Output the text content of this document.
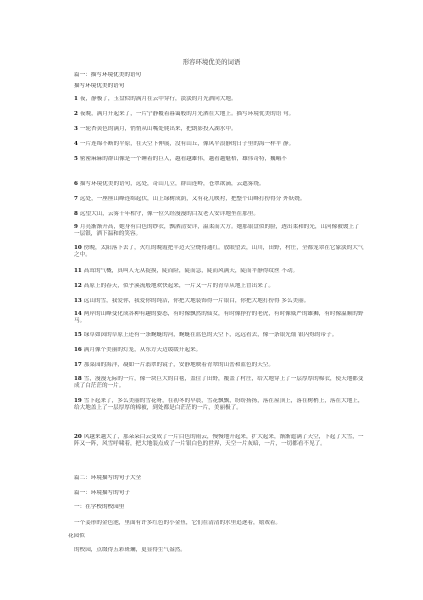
形容环境优美的词语
篇一：描写环境优美的语句
描写环境优美的语句
1 夜，静极了，玉盘似的满月在云中穿行，淡淡的月光洒向大地。
2 夜晚，满月升起来了，一片宁静覆着暮霭般的月光洒在大地上。描写环境优美的语 句。
3 一轮杏黄色的满月，悄悄从山嘴处爬出来，把朗影投入湖水中。
4 一片连绵不断的平原，在天空下伸展，没有山丘，像风平浪静的日子里的海一样平 静。
5 密密麻麻的群山像是一个睡着的巨人，越看越雄伟，越看越魁梧，雄伟奇特，巍峨不
6 描写环境优美的语句，远处，奇山兀立，群山连岭，苍翠欲滴，云遮雾绕。
7 远处，一座座山峰连绵起伏，山上绿树成荫，又有花儿映衬，把整个山峰打扮得分 外妖娆。
8 远望大山，云雾千年相守，像一位久经漫漫的白发老人安详地坐在那里。
9 月亮渐渐升高，她身有白色的纱衣，飘洒清安详，温柔而大方。她那银盘似的脸，透出柔和的光，山河像被镀上了一层银，洒下温和的笑容。
10 傍晚，太阳落下去了，火红的晚霞把半边天空烧得通红。放眼望去，山川，田野，村庄，全都笼罩在它象淡的大气之中。
11 高耸的气概，真叫人无从捉摸，陡而险，陡而急，陡而风满天，陡而平静得纹丝 不动。
12 高原上的春天，似乎溪流般地欢快起来，一片又一片的青草从地上冒出来了。
13 远山的雪，我爱你，我爱你的纯洁，你把大地装饰得一片银白，你把大地打扮得 多么美丽。
14 两岸的山峰变化成各种有趣的姿态，有时像飘然的仙女，有时像狰狞的老虎，有时像威严的雄狮，有时像温顺的野马。
15 绿草如茵的草原上还有一条蜿蜒的河，蜿蜒在蓝色的天空下，远远看去，像一条银光灿 银闪烁的带子。
16 满月像个美丽的灯笼，从东方天边缓缓升起来。
17 那菜园的海洋，凝如一片翡翠的镜子，安静地映着青翠的山峦和蓝色的天空。
18 雪，漫漫无际的一片，像一块巨大的白毯，盖住了田野，覆盖了村庄，给大地穿上了一层厚厚的棉衣，使天地都变成了白茫茫的一片。
19 雪下起来了，多么美丽的雪花呀，在初冬的早晨，雪花飘飘，纷纷扬扬，落在屋顶上，落在树梢上，落在大地上，给大地盖上了一层厚厚的棉被，到处都是白茫茫的一片，美丽极了。
20 风越来越大了，那朵朵白云变成了一片白色的雨云，慢慢地升起来，扩大起来，渐渐遮满了天空，下起了大雪，一阵又一阵，风雪呼啸着，把大地装点成了一片银白色的世界，天空一片灰暗，一片，一切都看不见了。
篇二：环境描写的句子大全
篇一：环境描写的句子
一：在学校的校园里
一个姜形的金色池，里面有许多红色的小金鱼，它们在清清的水里追逐着，嬉戏着。
花园似
的校园，点缀得五彩斑斓，更显得生气盎然。
